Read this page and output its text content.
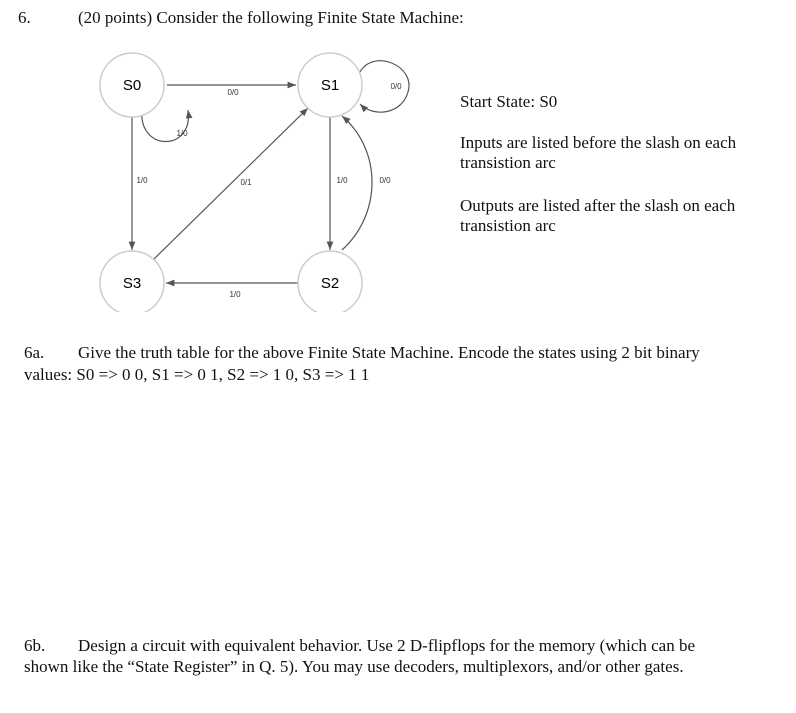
6.	(20 points) Consider the following Finite State Machine:
S0	S1
S2
S3
0/0
1/0
1/0	0/1
0/0
1/0	0/0
1/0
Start State: S0
Inputs are listed before the slash on each transistion arc
Outputs are listed after the slash on each transistion arc
6a. Give the truth table for the above Finite State Machine. Encode the states using 2 bit binary
values: S0 => 0 0, S1 => 0 1, S2 => 1 0, S3 => 1 1
6b. Design a circuit with equivalent behavior. Use 2 D-flipflops for the memory (which can be
shown like the “State Register” in Q. 5). You may use decoders, multiplexors, and/or other gates.
